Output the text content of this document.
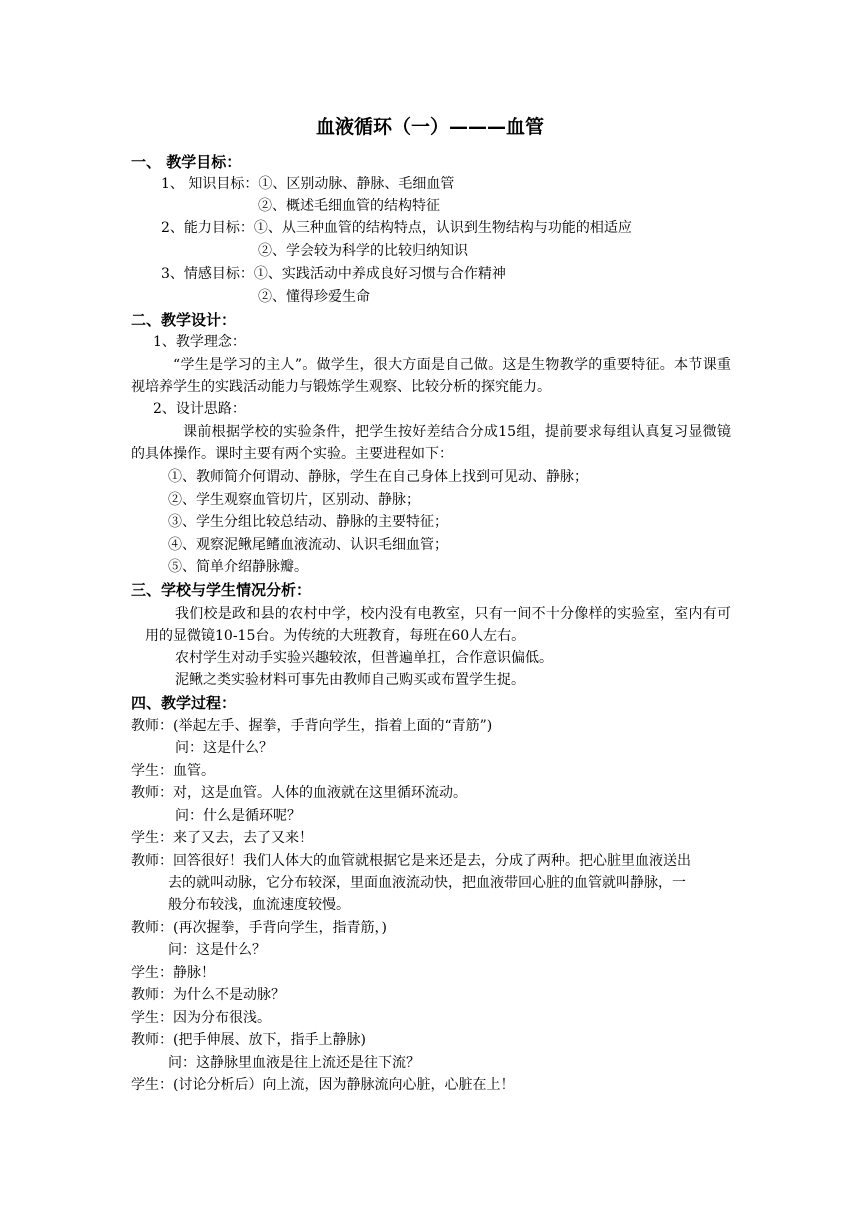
血液循环（一）———血管
一、 教学目标：
1、 知识目标：①、区别动脉、静脉、毛细血管
②、概述毛细血管的结构特征
2、能力目标：①、从三种血管的结构特点，认识到生物结构与功能的相适应
②、学会较为科学的比较归纳知识
3、情感目标：①、实践活动中养成良好习惯与合作精神
②、懂得珍爱生命
二、教学设计：
1、教学理念：
“学生是学习的主人”。做学生，很大方面是自己做。这是生物教学的重要特征。本节课重视培养学生的实践活动能力与锻炼学生观察、比较分析的探究能力。
2、设计思路：
课前根据学校的实验条件，把学生按好差结合分成15组，提前要求每组认真复习显微镜的具体操作。课时主要有两个实验。主要进程如下：
①、教师简介何谓动、静脉，学生在自己身体上找到可见动、静脉；
②、学生观察血管切片，区别动、静脉；
③、学生分组比较总结动、静脉的主要特征；
④、观察泥鳅尾鳍血液流动、认识毛细血管；
⑤、简单介绍静脉瓣。
三、学校与学生情况分析：
我们校是政和县的农村中学，校内没有电教室，只有一间不十分像样的实验室，室内有可用的显微镜10-15台。为传统的大班教育，每班在60人左右。
农村学生对动手实验兴趣较浓，但普遍单扛，合作意识偏低。
泥鳅之类实验材料可事先由教师自己购买或布置学生捉。
四、教学过程：
教师：(举起左手、握拳，手背向学生，指着上面的“青筋”)
问：这是什么？
学生：血管。
教师：对，这是血管。人体的血液就在这里循环流动。
问：什么是循环呢？
学生：来了又去，去了又来！
教师：回答很好！我们人体大的血管就根据它是来还是去，分成了两种。把心脏里血液送出
去的就叫动脉，它分布较深，里面血液流动快，把血液带回心脏的血管就叫静脉，一
般分布较浅，血流速度较慢。
教师：(再次握拳，手背向学生，指青筋，)
问：这是什么？
学生：静脉！
教师：为什么不是动脉？
学生：因为分布很浅。
教师：(把手伸展、放下，指手上静脉)
问：这静脉里血液是往上流还是往下流？
学生：(讨论分析后）向上流，因为静脉流向心脏，心脏在上！
